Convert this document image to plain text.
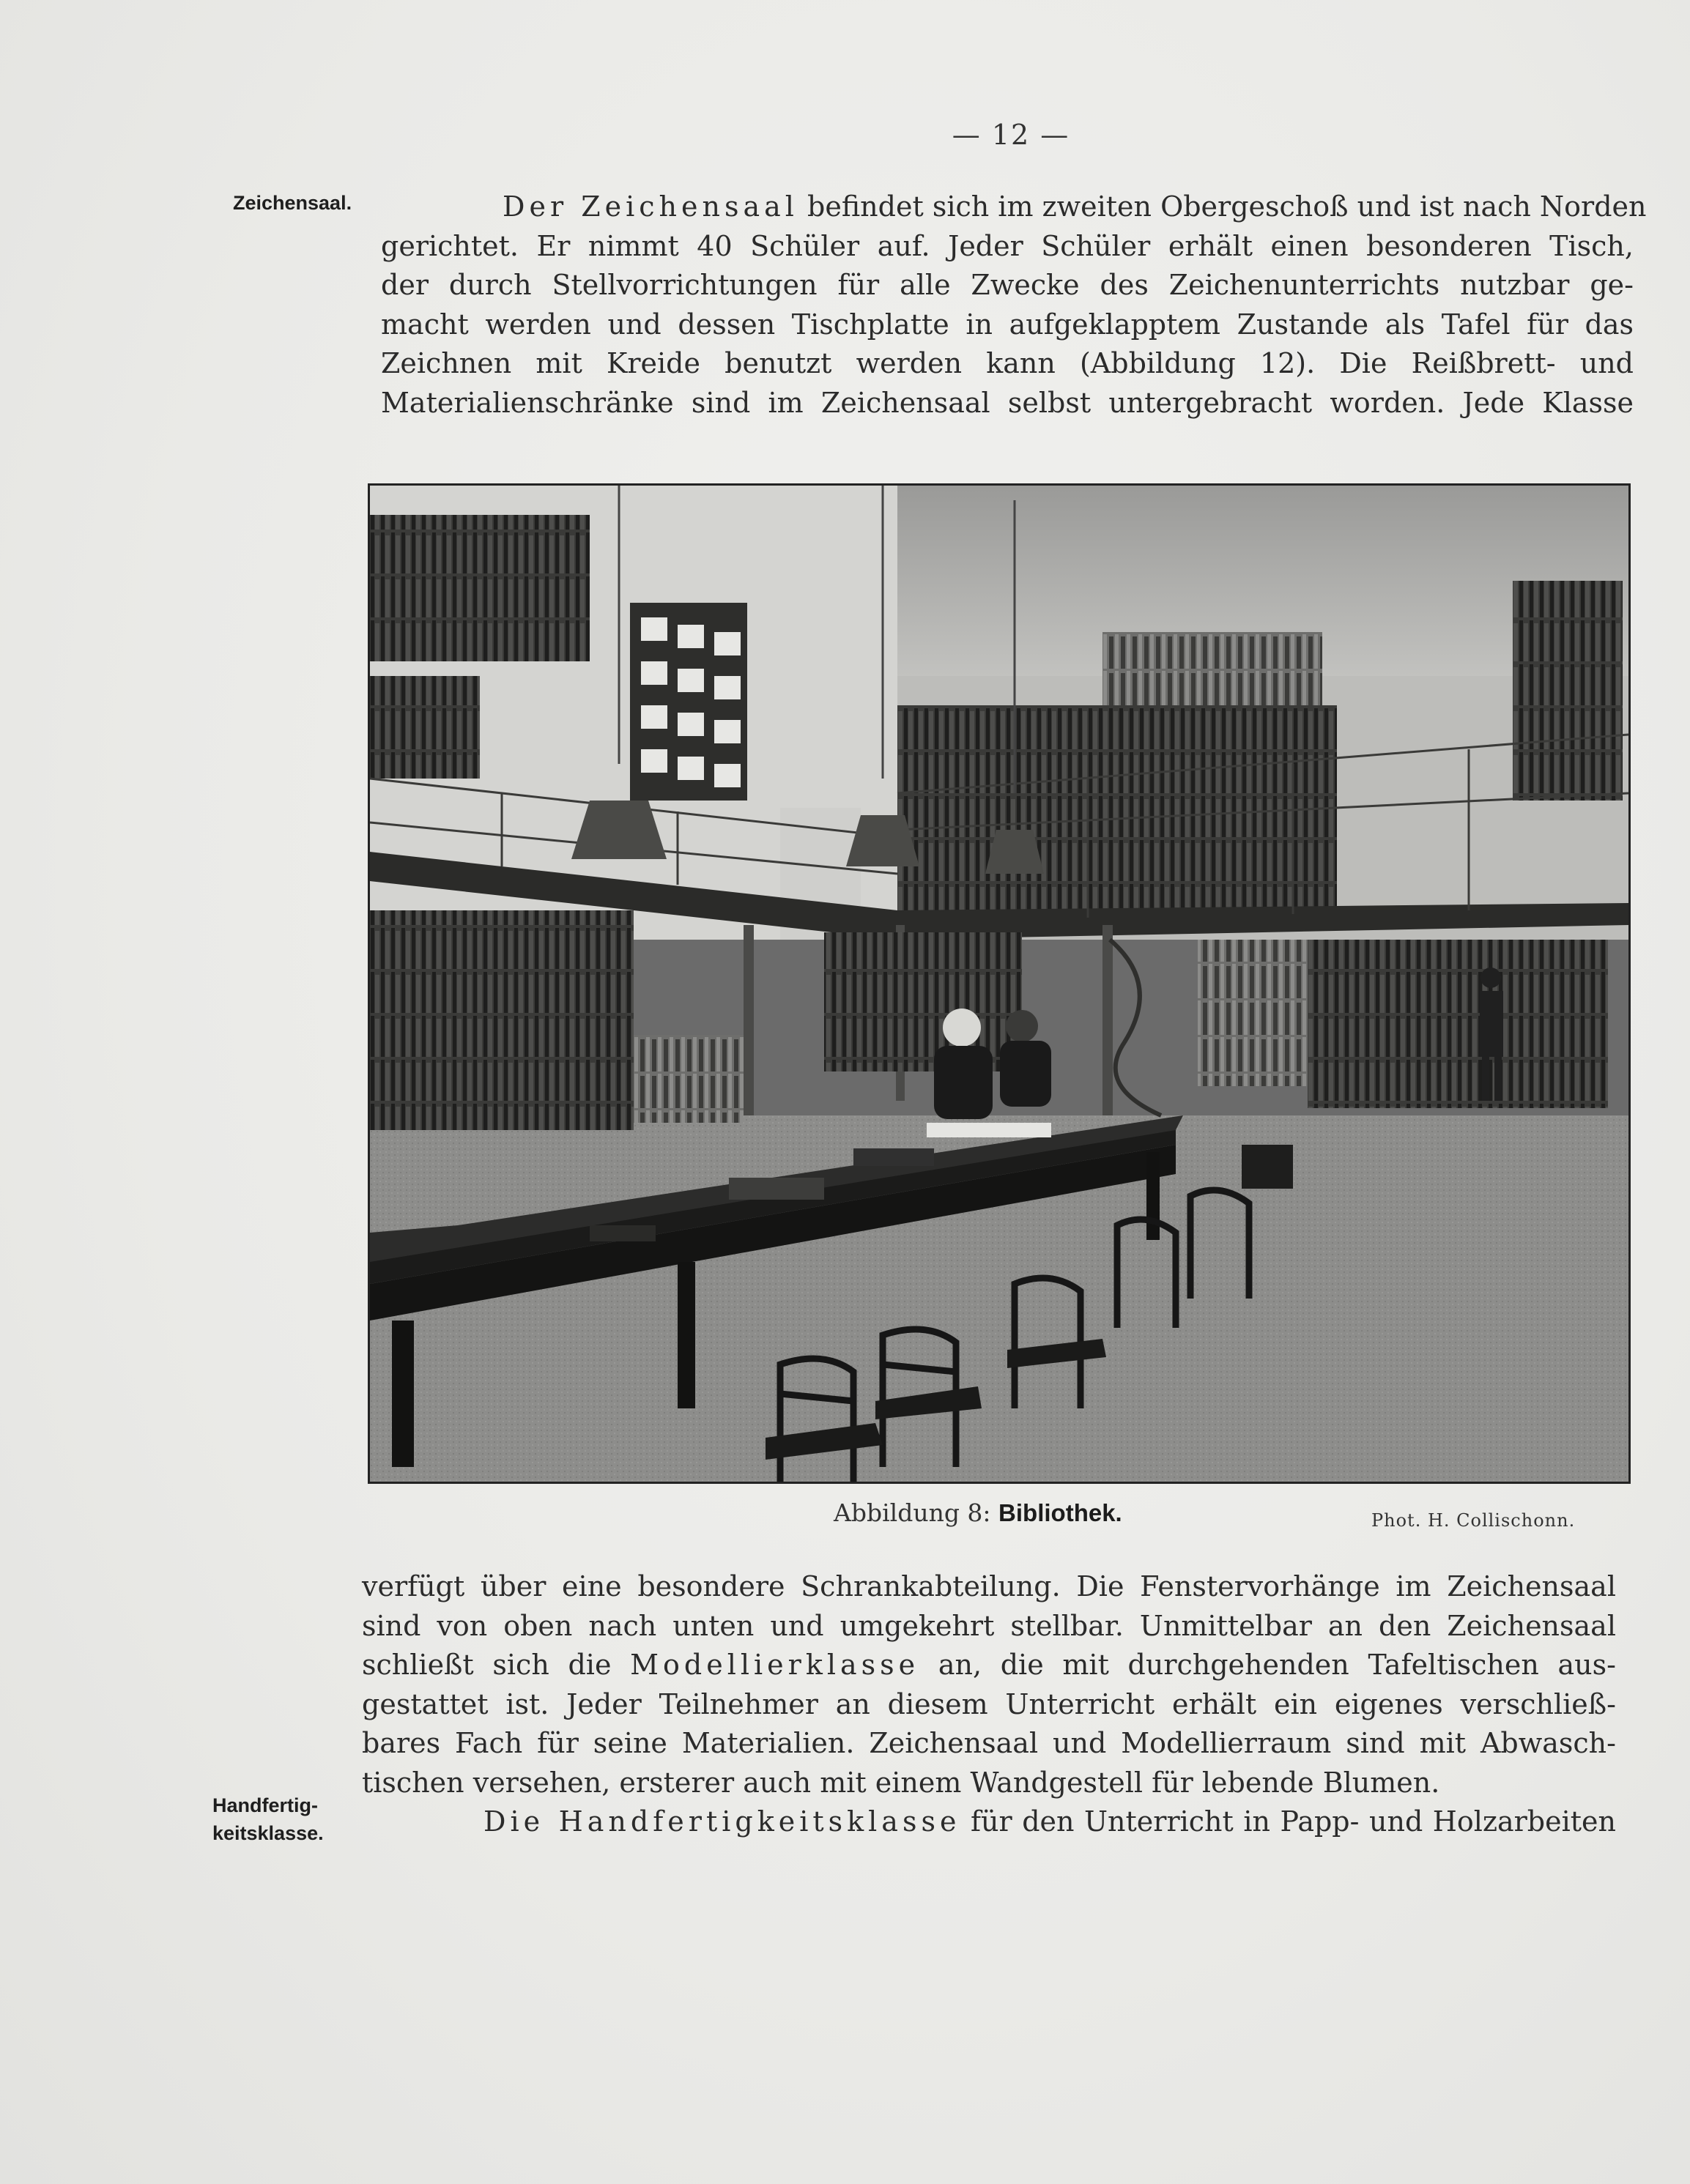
— 12 —
Zeichensaal.	Der Zeichensaal befindet sich im zweiten Obergeschoß und ist nach Norden
gerichtet. Er nimmt 40 Schüler auf. Jeder Schüler erhält einen besonderen Tisch,
der durch Stellvorrichtungen für alle Zwecke des Zeichenunterrichts nutzbar ge-
macht werden und dessen Tischplatte in aufgeklapptem Zustande als Tafel für das
Zeichnen mit Kreide benutzt werden kann (Abbildung 12). Die Reißbrett- und
Materialienschränke sind im Zeichensaal selbst untergebracht worden. Jede Klasse
Abbildung 8: Bibliothek.	Phot. H. Collischonn.
verfügt über eine besondere Schrankabteilung. Die Fenstervorhänge im Zeichensaal
sind von oben nach unten und umgekehrt stellbar. Unmittelbar an den Zeichensaal
schließt sich die Modellierklasse an, die mit durchgehenden Tafeltischen aus-
gestattet ist. Jeder Teilnehmer an diesem Unterricht erhält ein eigenes verschließ-
bares Fach für seine Materialien. Zeichensaal und Modellierraum sind mit Abwasch-
tischen versehen, ersterer auch mit einem Wandgestell für lebende Blumen.
Die Handfertigkeitsklasse für den Unterricht in Papp- und Holzarbeiten
Handfertig-
keitsklasse.
